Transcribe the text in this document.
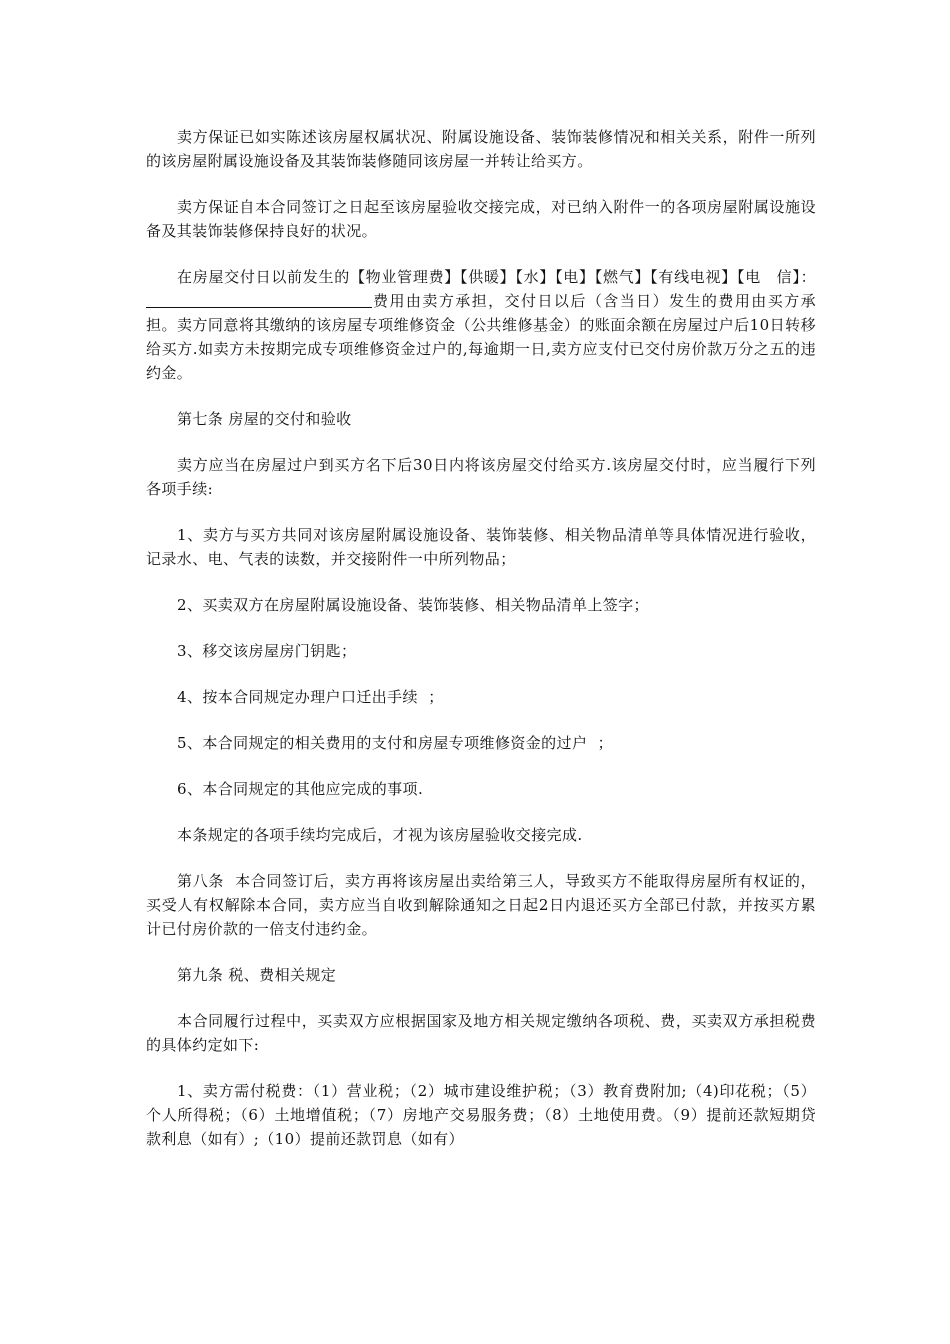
卖方保证已如实陈述该房屋权属状况、附属设施设备、装饰装修情况和相关关系，附件一所列的该房屋附属设施设备及其装饰装修随同该房屋一并转让给买方。

卖方保证自本合同签订之日起至该房屋验收交接完成，对已纳入附件一的各项房屋附属设施设备及其装饰装修保持良好的状况。

在房屋交付日以前发生的【物业管理费】【供暖】【水】【电】【燃气】【有线电视】【电　信】：费用由卖方承担，交付日以后（含当日）发生的费用由买方承担。卖方同意将其缴纳的该房屋专项维修资金（公共维修基金）的账面余额在房屋过户后10日转移给买方.如卖方未按期完成专项维修资金过户的,每逾期一日,卖方应支付已交付房价款万分之五的违约金。

第七条 房屋的交付和验收

卖方应当在房屋过户到买方名下后30日内将该房屋交付给买方.该房屋交付时，应当履行下列各项手续:

1、卖方与买方共同对该房屋附属设施设备、装饰装修、相关物品清单等具体情况进行验收，记录水、电、气表的读数，并交接附件一中所列物品；

2、买卖双方在房屋附属设施设备、装饰装修、相关物品清单上签字；

3、移交该房屋房门钥匙；

4、按本合同规定办理户口迁出手续  ；

5、本合同规定的相关费用的支付和房屋专项维修资金的过户  ；

6、本合同规定的其他应完成的事项.

本条规定的各项手续均完成后，才视为该房屋验收交接完成.

第八条  本合同签订后，卖方再将该房屋出卖给第三人，导致买方不能取得房屋所有权证的，买受人有权解除本合同，卖方应当自收到解除通知之日起2日内退还买方全部已付款，并按买方累计已付房价款的一倍支付违约金。

第九条 税、费相关规定

本合同履行过程中，买卖双方应根据国家及地方相关规定缴纳各项税、费，买卖双方承担税费的具体约定如下:

1、卖方需付税费：（1）营业税；（2）城市建设维护税；（3）教育费附加;（4)印花税；（5）个人所得税；（6）土地增值税；（7）房地产交易服务费；（8）土地使用费。（9）提前还款短期贷款利息（如有）;（10）提前还款罚息（如有）
